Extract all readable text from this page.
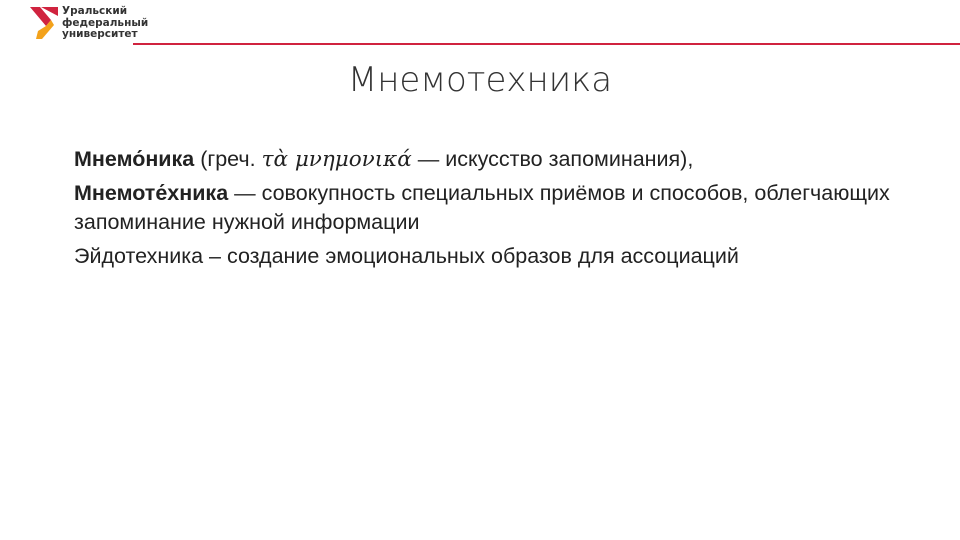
Уральский
федеральный
университет
Мнемотехника

Мнемо́ника (греч. τὰ μνημονικά — искусство запоминания),

Мнемоте́хника — совокупность специальных приёмов и способов, облегчающих запоминание нужной информации

Эйдотехника – создание эмоциональных образов для ассоциаций
